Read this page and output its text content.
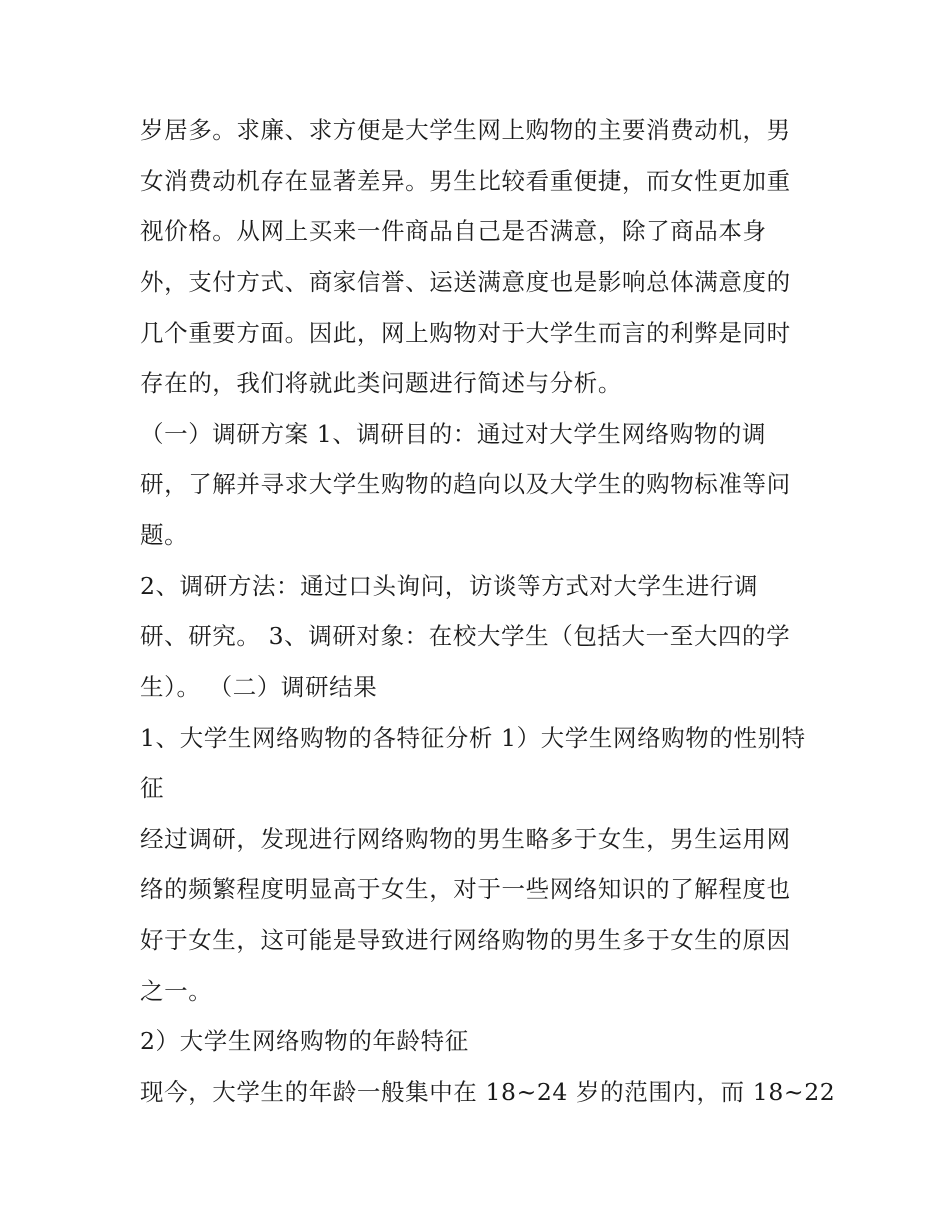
岁居多。求廉、求方便是大学生网上购物的主要消费动机，男
女消费动机存在显著差异。男生比较看重便捷，而女性更加重
视价格。从网上买来一件商品自己是否满意，除了商品本身
外，支付方式、商家信誉、运送满意度也是影响总体满意度的
几个重要方面。因此，网上购物对于大学生而言的利弊是同时
存在的，我们将就此类问题进行简述与分析。
（一）调研方案 1、调研目的：通过对大学生网络购物的调
研，了解并寻求大学生购物的趋向以及大学生的购物标准等问
题。
2、调研方法：通过口头询问，访谈等方式对大学生进行调
研、研究。 3、调研对象：在校大学生（包括大一至大四的学
生）。 （二）调研结果
1、大学生网络购物的各特征分析 1）大学生网络购物的性别特
征
经过调研，发现进行网络购物的男生略多于女生，男生运用网
络的频繁程度明显高于女生，对于一些网络知识的了解程度也
好于女生，这可能是导致进行网络购物的男生多于女生的原因
之一。
2）大学生网络购物的年龄特征
现今，大学生的年龄一般集中在 18~24 岁的范围内，而 18~22
